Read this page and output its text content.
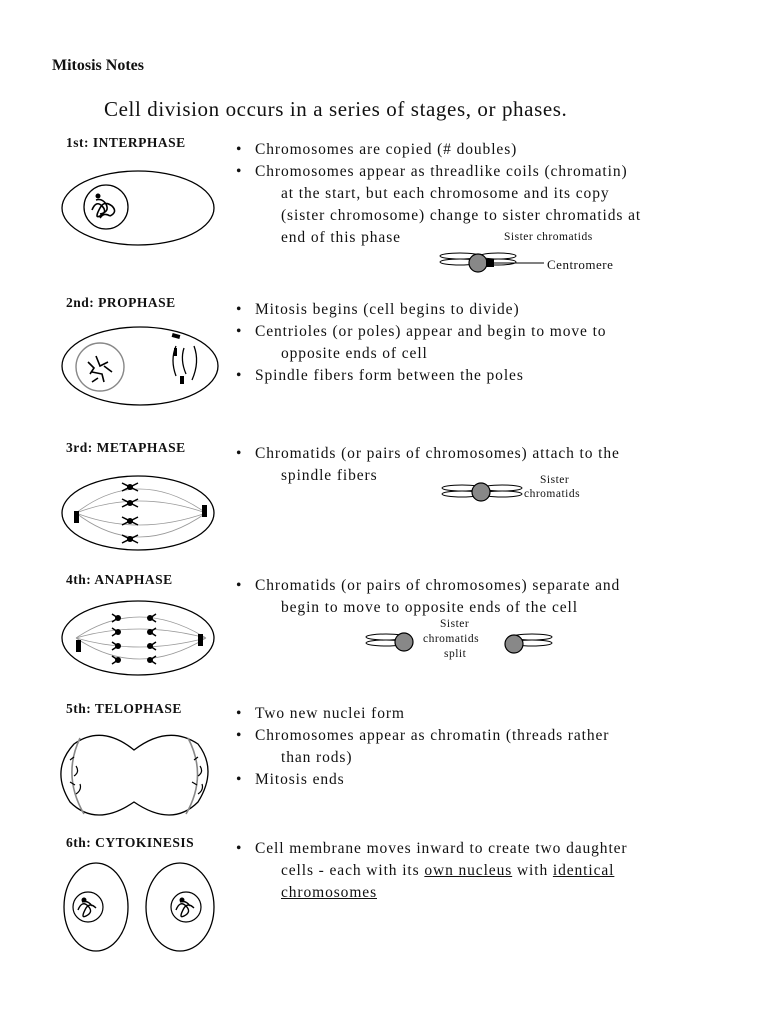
Mitosis Notes
Cell division occurs in a series of stages, or phases.
1st: INTERPHASE	• Chromosomes are copied (# doubles)
• Chromosomes appear as threadlike coils (chromatin)
at the start, but each chromosome and its copy
(sister chromosome) change to sister chromatids at
end of this phase	Sister chromatids
Centromere
2nd: PROPHASE	• Mitosis begins (cell begins to divide)
• Centrioles (or poles) appear and begin to move to
opposite ends of cell
• Spindle fibers form between the poles
3rd: METAPHASE	• Chromatids (or pairs of chromosomes) attach to the
spindle fibers	Sister
chromatids
4th: ANAPHASE	• Chromatids (or pairs of chromosomes) separate and
begin to move to opposite ends of the cell
Sister
chromatids
split
5th: TELOPHASE	• Two new nuclei form
• Chromosomes appear as chromatin (threads rather
than rods)
• Mitosis ends
6th: CYTOKINESIS	• Cell membrane moves inward to create two daughter
cells - each with its own nucleus with identical
chromosomes
